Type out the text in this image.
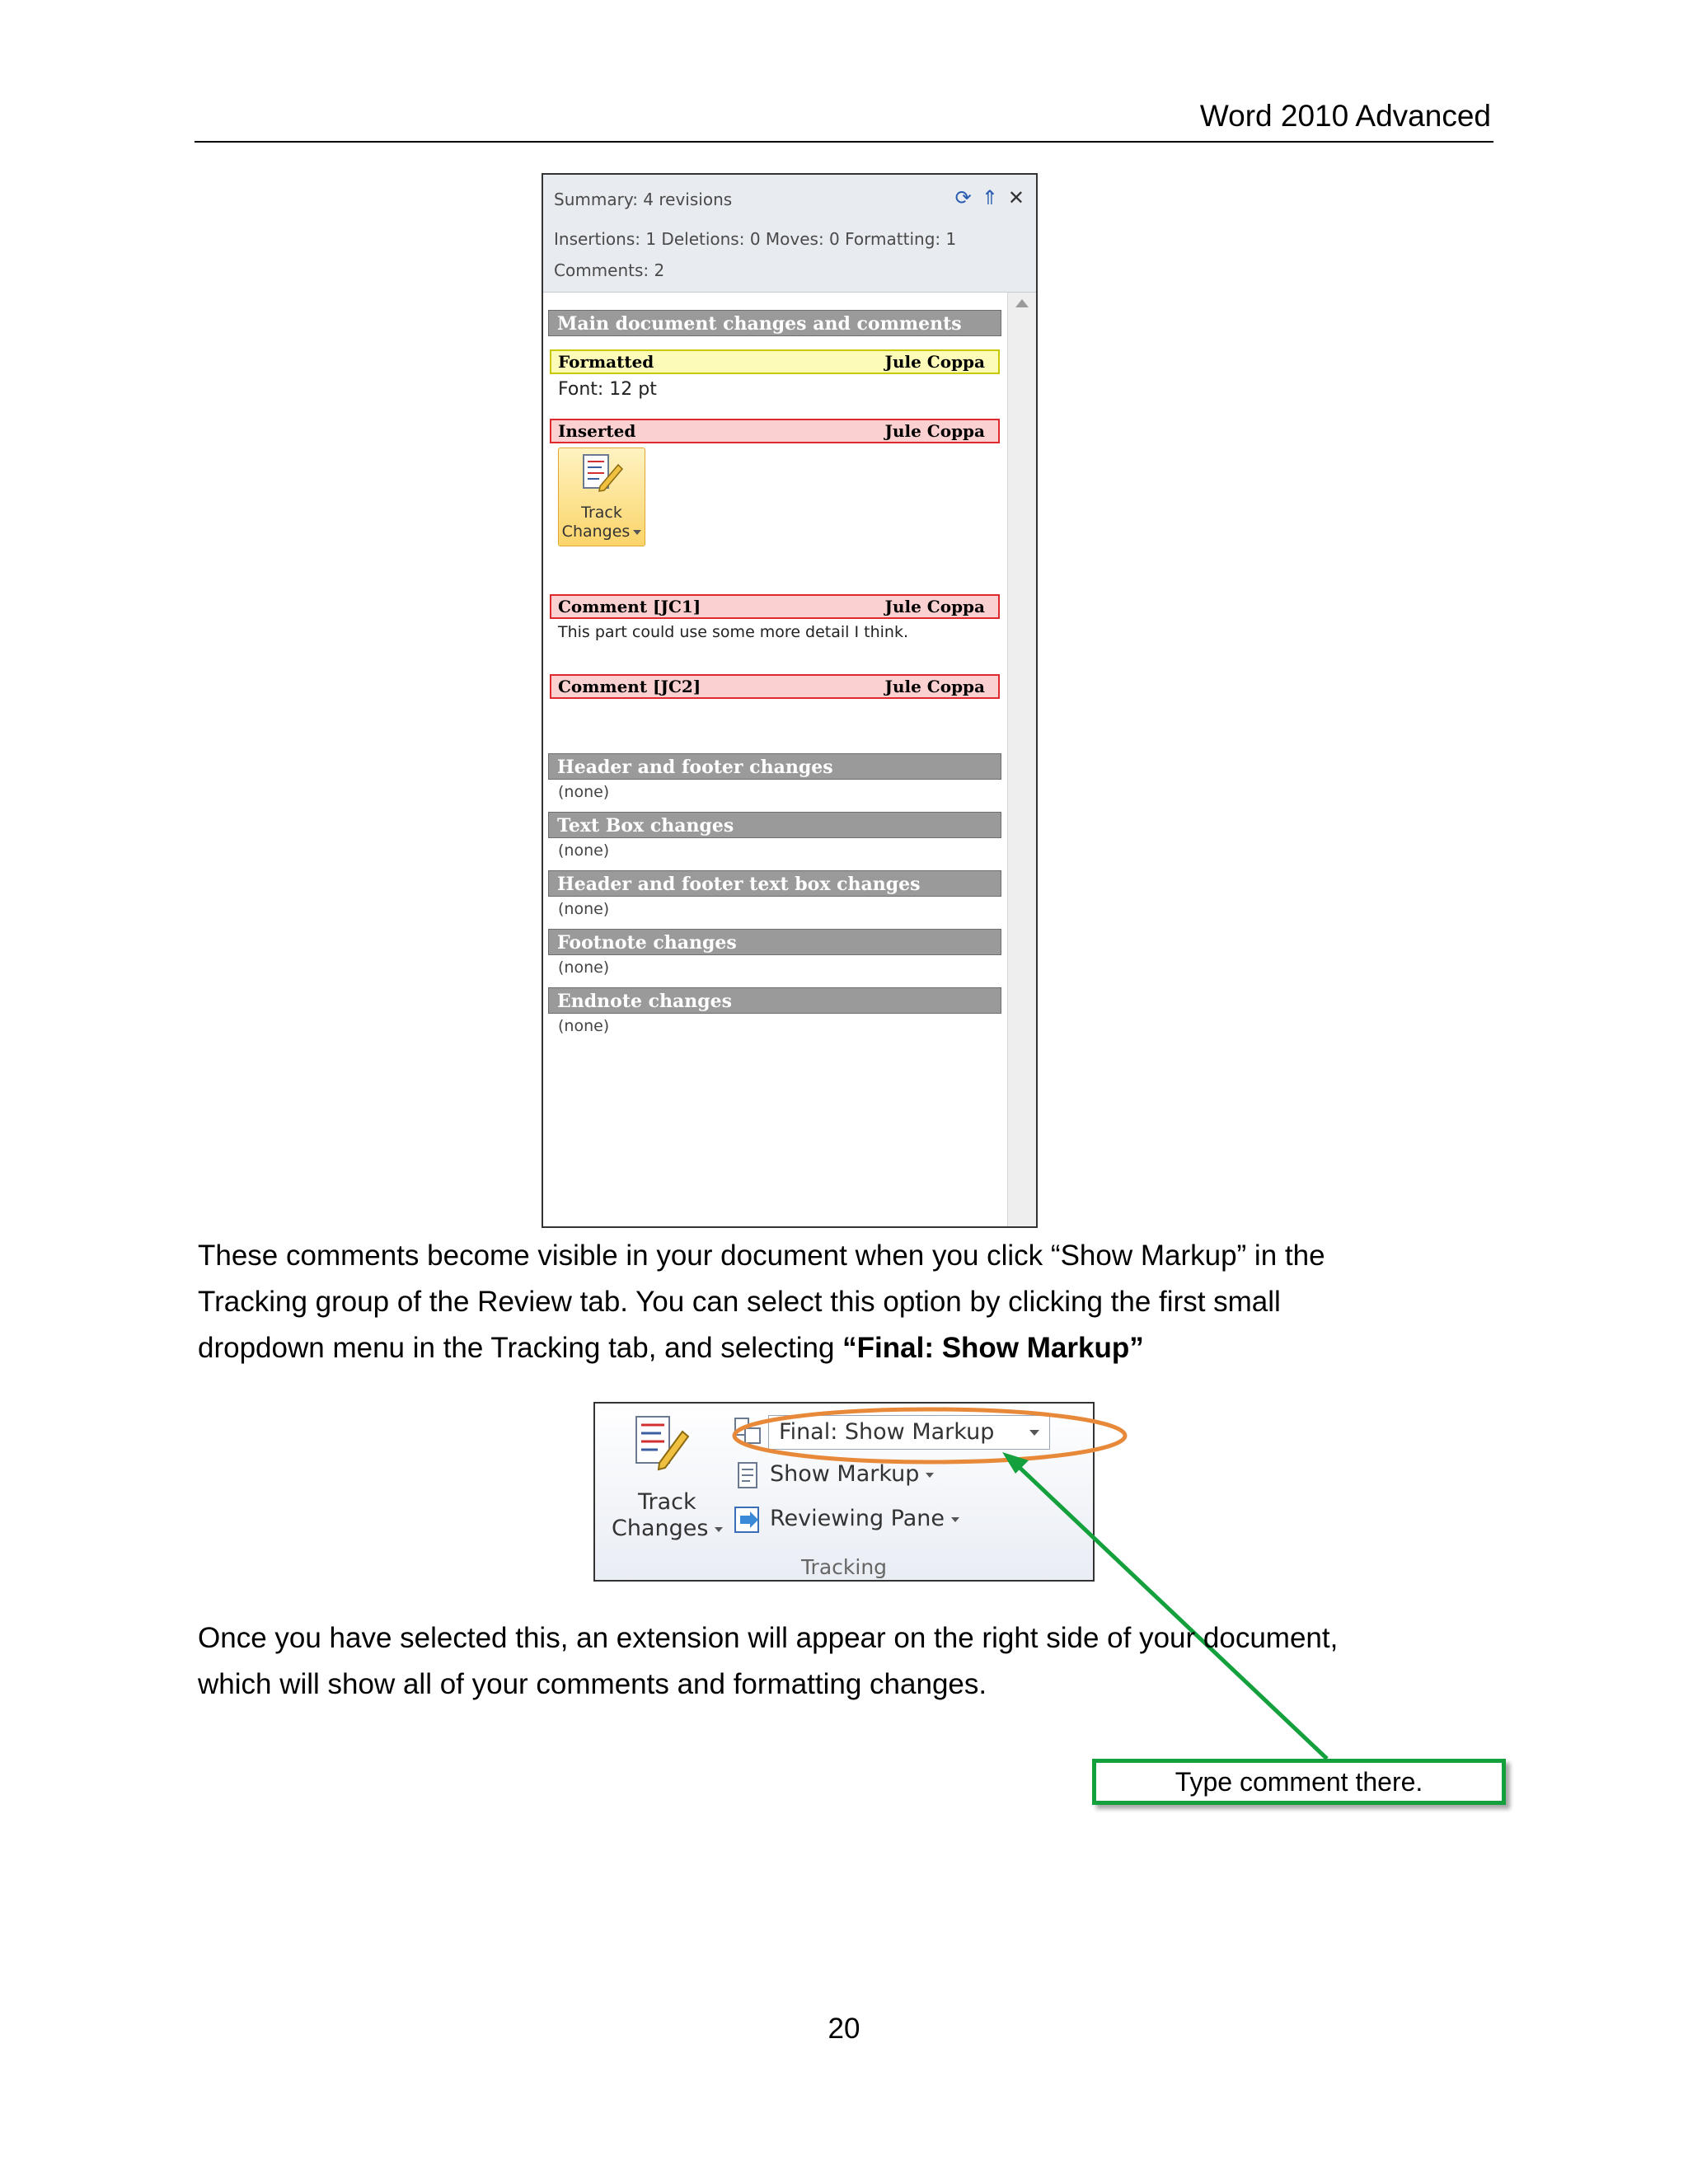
Word 2010 Advanced
Summary: 4 revisions
Insertions: 1 Deletions: 0 Moves: 0 Formatting: 1
Comments: 2
⟳ ⇑ ✕
Main document changes and comments
Formatted	Jule Coppa
Font: 12 pt
Inserted	Jule Coppa
Track
Changes
Comment [JC1]	Jule Coppa
This part could use some more detail I think.
Comment [JC2]	Jule Coppa
Header and footer changes
(none)
Text Box changes
(none)
Header and footer text box changes
(none)
Footnote changes
(none)
Endnote changes
(none)
These comments become visible in your document when you click “Show Markup” in the
Tracking group of the Review tab. You can select this option by clicking the first small
dropdown menu in the Tracking tab, and selecting “Final: Show Markup”
Track
Changes
Final: Show Markup
Show Markup
Reviewing Pane
Tracking
Once you have selected this, an extension will appear on the right side of your document,
which will show all of your comments and formatting changes.
Type comment there.
20
